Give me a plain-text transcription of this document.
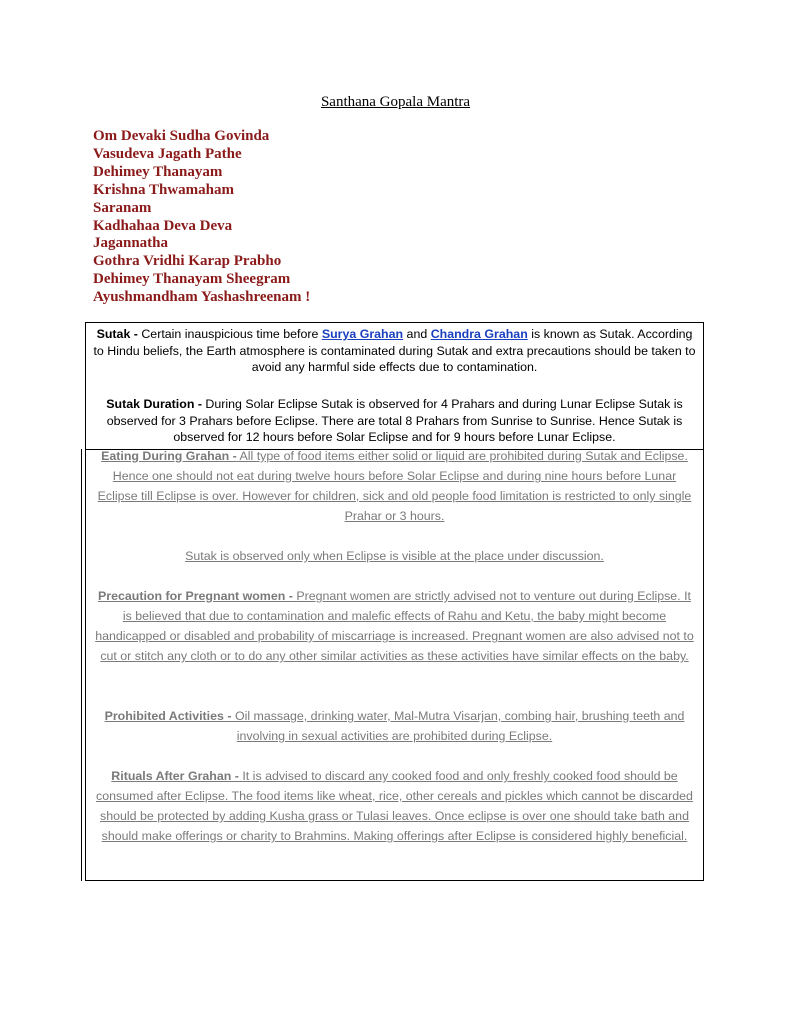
Santhana Gopala Mantra
Om Devaki Sudha Govinda
Vasudeva Jagath Pathe
Dehimey Thanayam
Krishna Thwamaham
Saranam
Kadhahaa Deva Deva
Jagannatha
Gothra Vridhi Karap Prabho
Dehimey Thanayam Sheegram
Ayushmandham Yashashreenam !

Sutak - Certain inauspicious time before Surya Grahan and Chandra Grahan is known as Sutak. According to Hindu beliefs, the Earth atmosphere is contaminated during Sutak and extra precautions should be taken to avoid any harmful side effects due to contamination.

Sutak Duration - During Solar Eclipse Sutak is observed for 4 Prahars and during Lunar Eclipse Sutak is observed for 3 Prahars before Eclipse. There are total 8 Prahars from Sunrise to Sunrise. Hence Sutak is observed for 12 hours before Solar Eclipse and for 9 hours before Lunar Eclipse.

Eating During Grahan - All type of food items either solid or liquid are prohibited during Sutak and Eclipse. Hence one should not eat during twelve hours before Solar Eclipse and during nine hours before Lunar Eclipse till Eclipse is over. However for children, sick and old people food limitation is restricted to only single Prahar or 3 hours.

Sutak is observed only when Eclipse is visible at the place under discussion.

Precaution for Pregnant women - Pregnant women are strictly advised not to venture out during Eclipse. It is believed that due to contamination and malefic effects of Rahu and Ketu, the baby might become handicapped or disabled and probability of miscarriage is increased. Pregnant women are also advised not to cut or stitch any cloth or to do any other similar activities as these activities have similar effects on the baby.

Prohibited Activities - Oil massage, drinking water, Mal-Mutra Visarjan, combing hair, brushing teeth and involving in sexual activities are prohibited during Eclipse.

Rituals After Grahan - It is advised to discard any cooked food and only freshly cooked food should be consumed after Eclipse. The food items like wheat, rice, other cereals and pickles which cannot be discarded should be protected by adding Kusha grass or Tulasi leaves. Once eclipse is over one should take bath and should make offerings or charity to Brahmins. Making offerings after Eclipse is considered highly beneficial.
